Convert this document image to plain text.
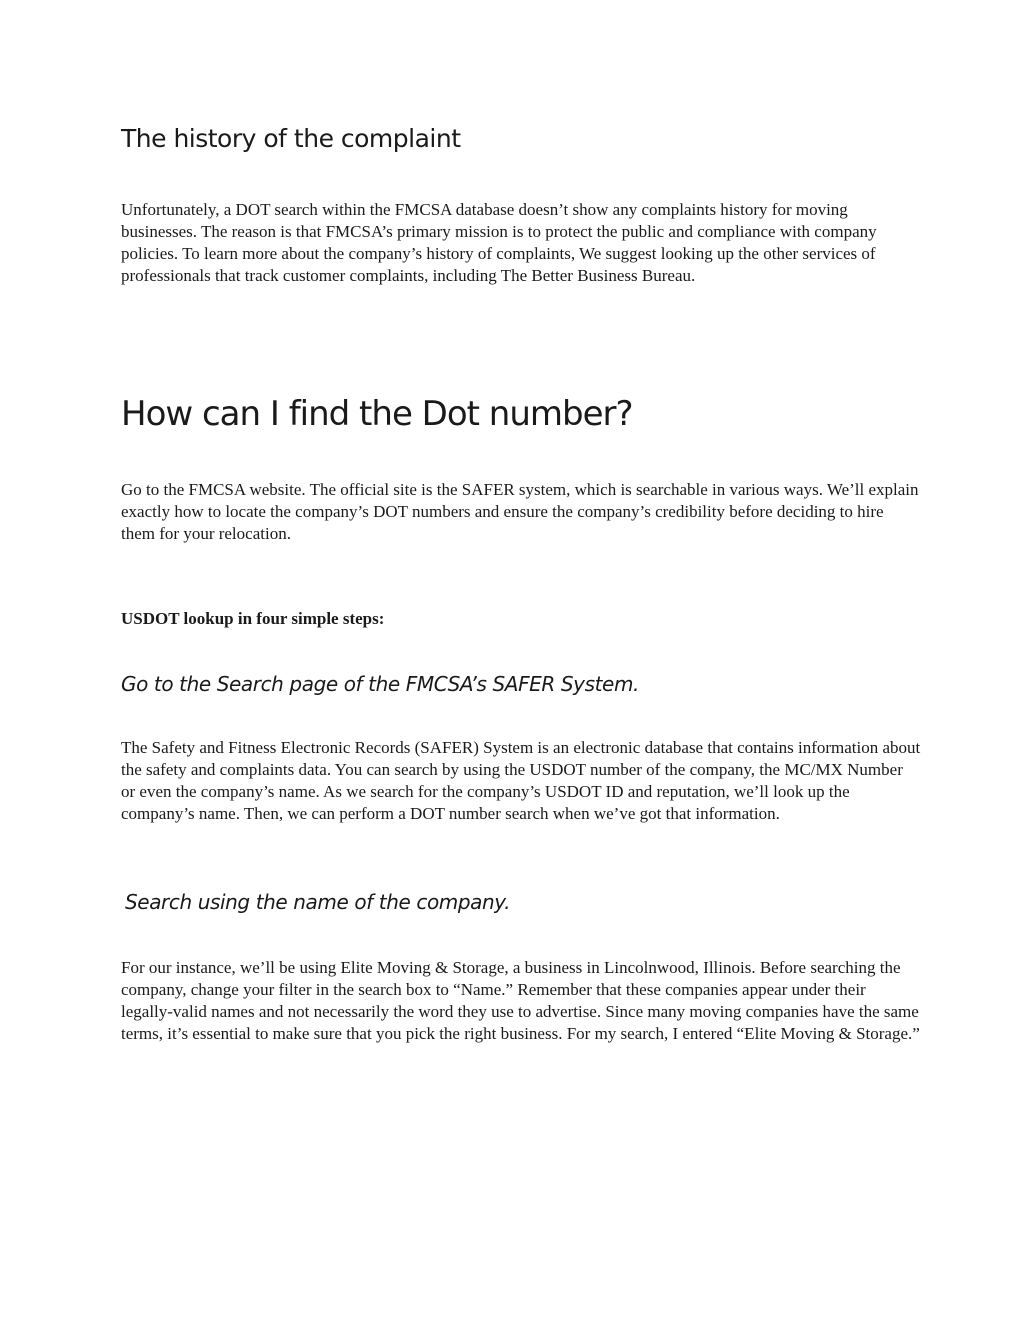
The history of the complaint

Unfortunately, a DOT search within the FMCSA database doesn’t show any complaints history for moving businesses. The reason is that FMCSA’s primary mission is to protect the public and compliance with company policies. To learn more about the company’s history of complaints, We suggest looking up the other services of professionals that track customer complaints, including The Better Business Bureau.

How can I find the Dot number?

Go to the FMCSA website. The official site is the SAFER system, which is searchable in various ways. We’ll explain exactly how to locate the company’s DOT numbers and ensure the company’s credibility before deciding to hire them for your relocation.

USDOT lookup in four simple steps:

Go to the Search page of the FMCSA’s SAFER System.

The Safety and Fitness Electronic Records (SAFER) System is an electronic database that contains information about the safety and complaints data. You can search by using the USDOT number of the company, the MC/MX Number or even the company’s name. As we search for the company’s USDOT ID and reputation, we’ll look up the company’s name. Then, we can perform a DOT number search when we’ve got that information.

Search using the name of the company.

For our instance, we’ll be using Elite Moving & Storage, a business in Lincolnwood, Illinois. Before searching the company, change your filter in the search box to “Name.” Remember that these companies appear under their legally-valid names and not necessarily the word they use to advertise. Since many moving companies have the same terms, it’s essential to make sure that you pick the right business. For my search, I entered “Elite Moving & Storage.”
